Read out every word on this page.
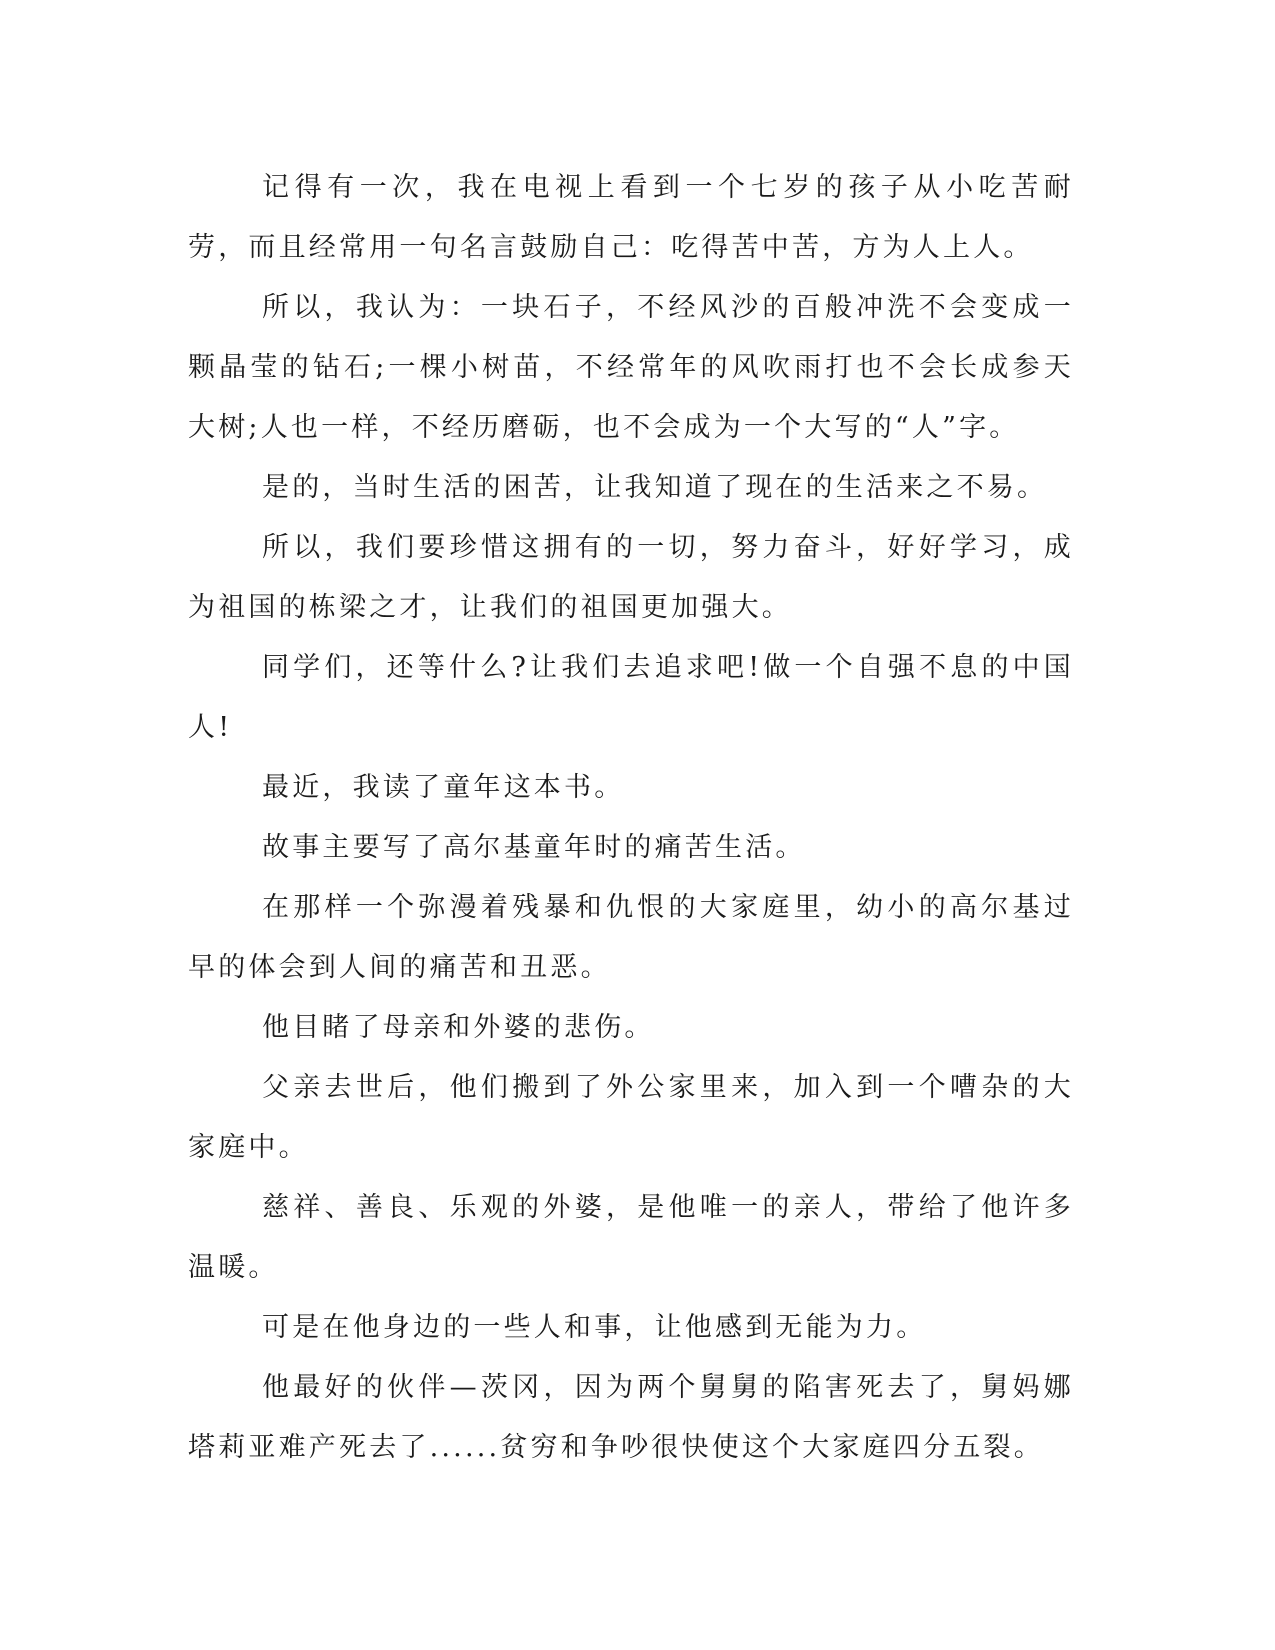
记得有一次，我在电视上看到一个七岁的孩子从小吃苦耐劳，而且经常用一句名言鼓励自己：吃得苦中苦，方为人上人。

所以，我认为：一块石子，不经风沙的百般冲洗不会变成一颗晶莹的钻石;一棵小树苗，不经常年的风吹雨打也不会长成参天大树;人也一样，不经历磨砺，也不会成为一个大写的“人”字。

是的，当时生活的困苦，让我知道了现在的生活来之不易。

所以，我们要珍惜这拥有的一切，努力奋斗，好好学习，成为祖国的栋梁之才，让我们的祖国更加强大。

同学们，还等什么?让我们去追求吧!做一个自强不息的中国人!

最近，我读了童年这本书。

故事主要写了高尔基童年时的痛苦生活。

在那样一个弥漫着残暴和仇恨的大家庭里，幼小的高尔基过早的体会到人间的痛苦和丑恶。

他目睹了母亲和外婆的悲伤。

父亲去世后，他们搬到了外公家里来，加入到一个嘈杂的大家庭中。

慈祥、善良、乐观的外婆，是他唯一的亲人，带给了他许多温暖。

可是在他身边的一些人和事，让他感到无能为力。

他最好的伙伴—茨冈，因为两个舅舅的陷害死去了，舅妈娜塔莉亚难产死去了......贫穷和争吵很快使这个大家庭四分五裂。
